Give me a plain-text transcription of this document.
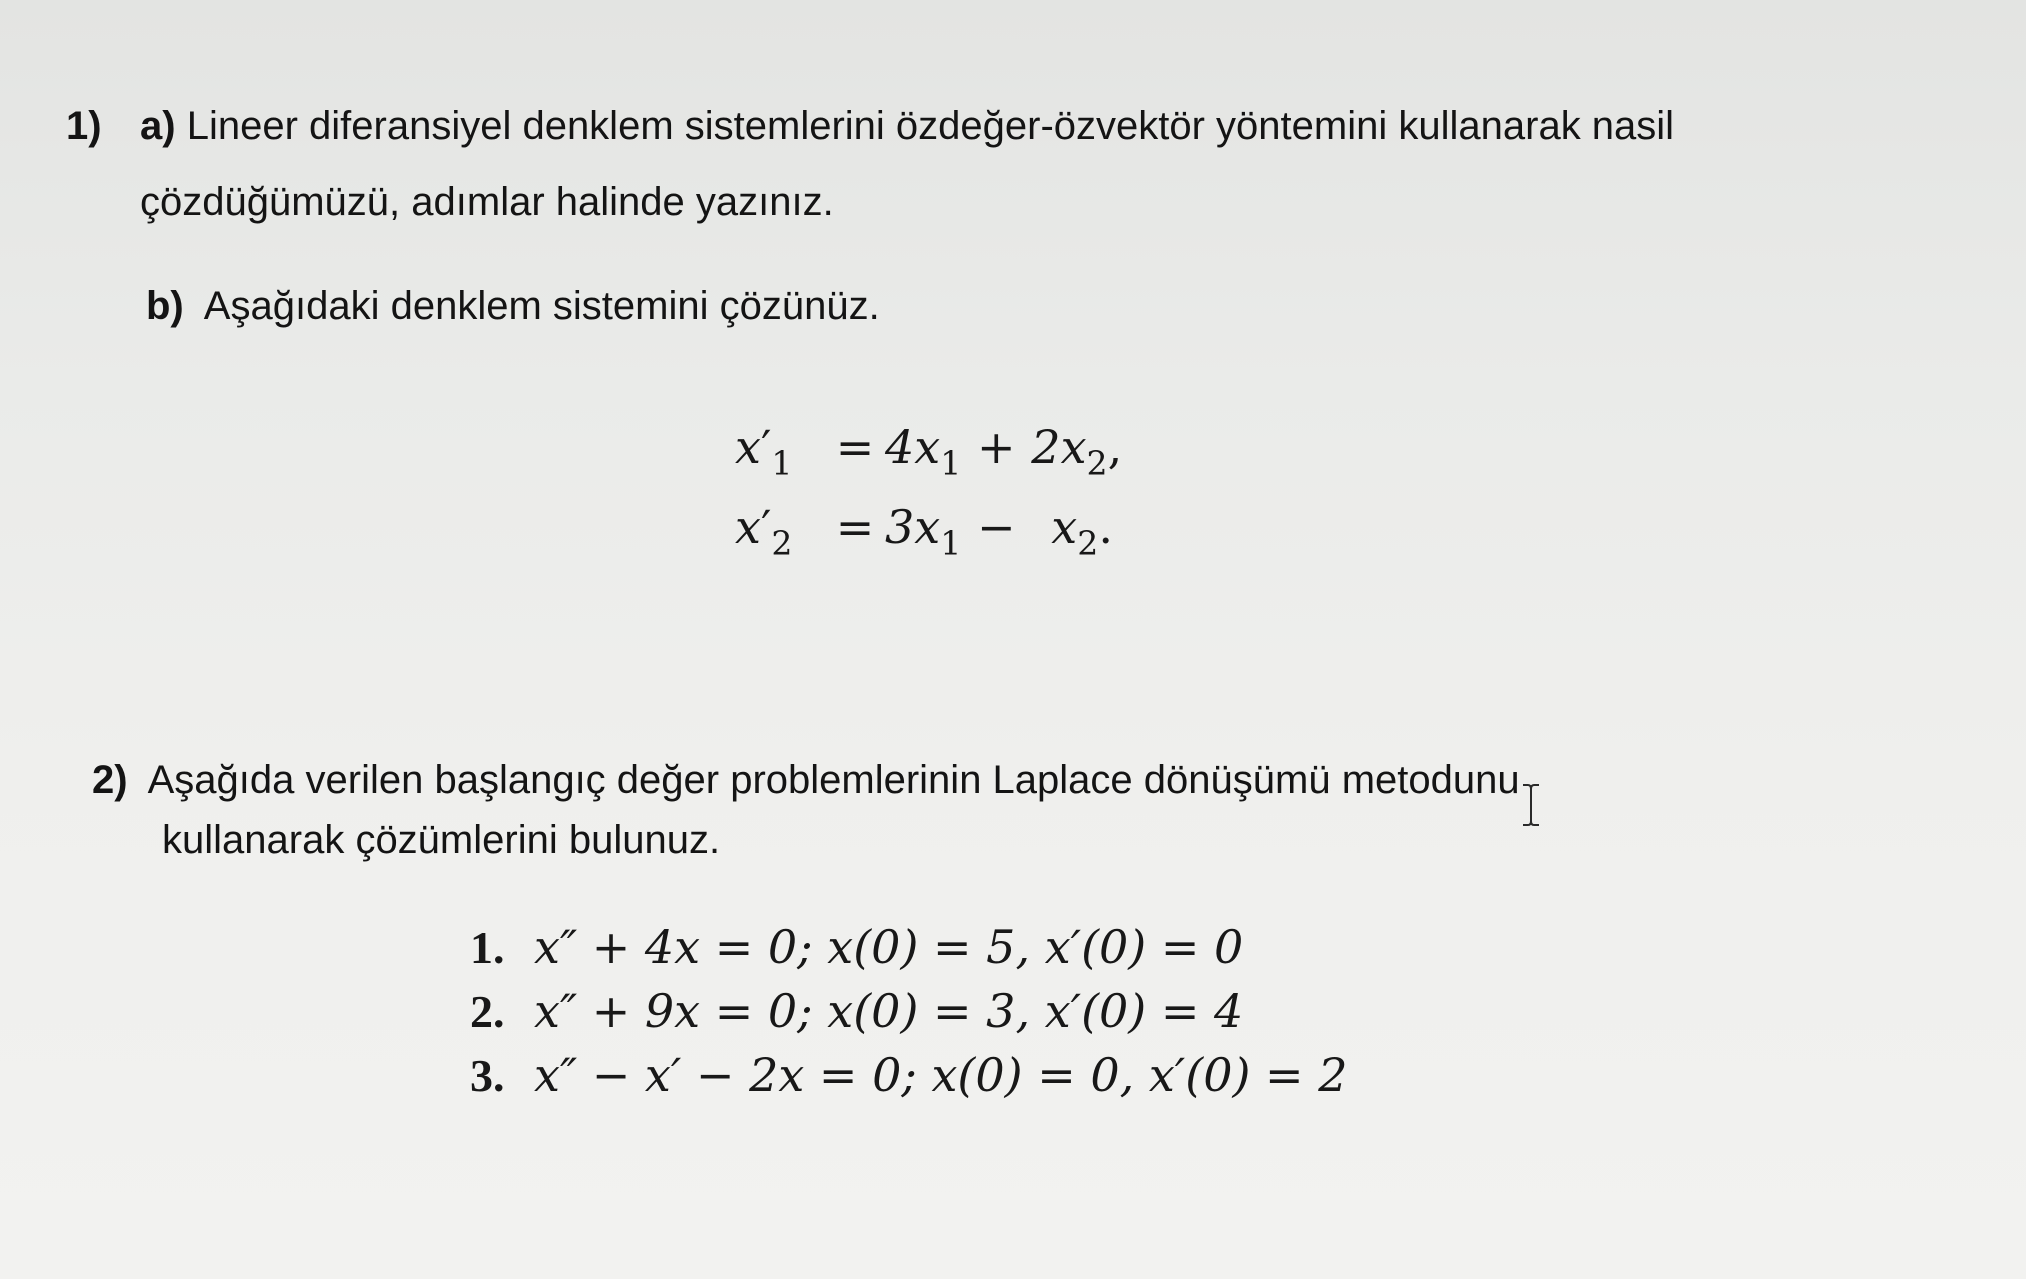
1) a) Lineer diferansiyel denklem sistemlerini özdeğer-özvektör yöntemini kullanarak nasil
çözdüğümüzü, adımlar halinde yazınız.
b) Aşağıdaki denklem sistemini çözünüz.
$x'_1 = 4x_1 + 2x_2$,
$x'_2 = 3x_1 - x_2$.
2) Aşağıda verilen başlangıç değer problemlerinin Laplace dönüşümü metodunu
kullanarak çözümlerini bulunuz.
1. x″ + 4x = 0; x(0) = 5, x′(0) = 0
2. x″ + 9x = 0; x(0) = 3, x′(0) = 4
3. x″ − x′ − 2x = 0; x(0) = 0, x′(0) = 2
